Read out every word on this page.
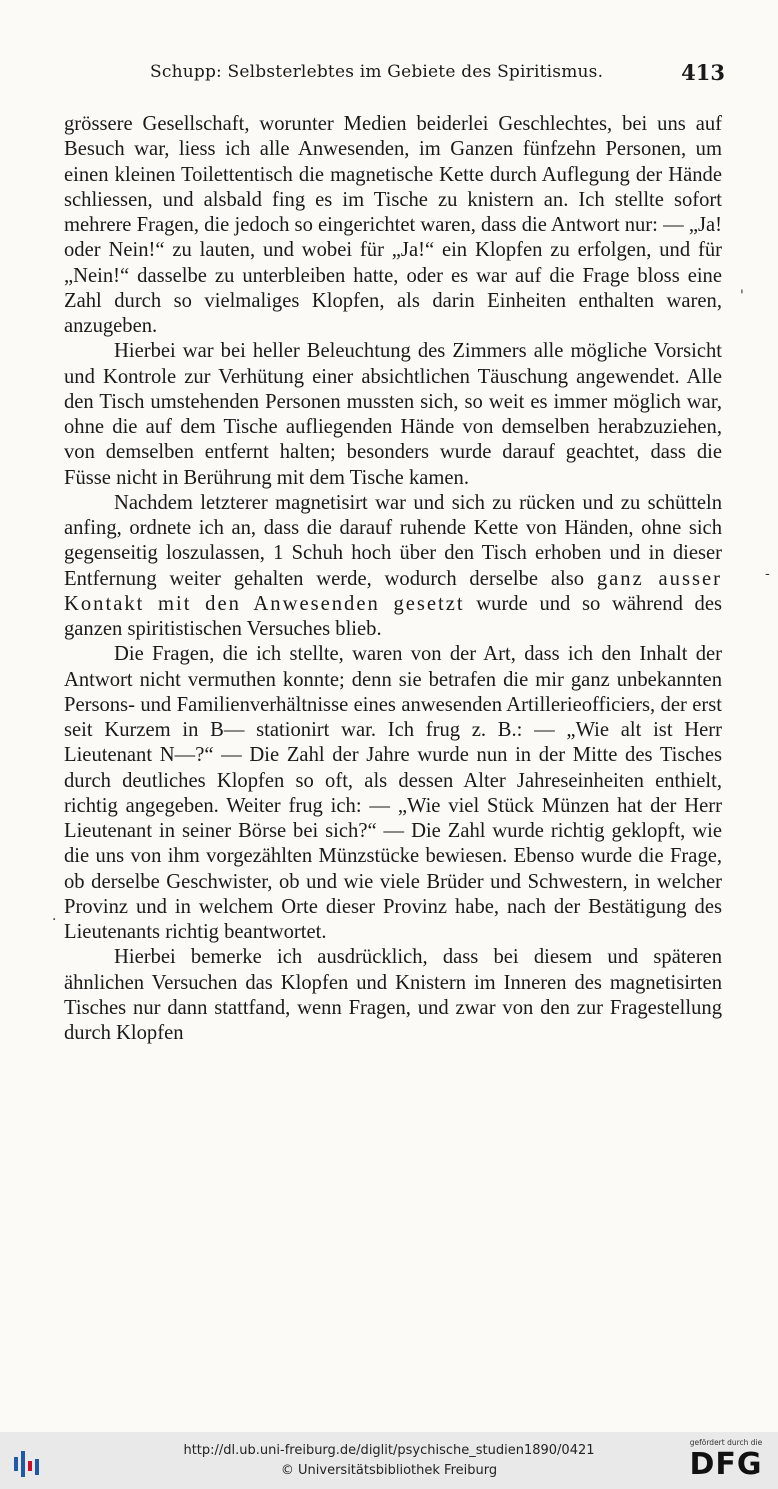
Schupp: Selbsterlebtes im Gebiete des Spiritismus.	413

grössere Gesellschaft, worunter Medien beiderlei Geschlechtes, bei uns auf Besuch war, liess ich alle Anwesenden, im Ganzen fünfzehn Personen, um einen kleinen Toilettentisch die magnetische Kette durch Auflegung der Hände schliessen, und alsbald fing es im Tische zu knistern an. Ich stellte sofort mehrere Fragen, die jedoch so eingerichtet waren, dass die Antwort nur: — „Ja! oder Nein!“ zu lauten, und wobei für „Ja!“ ein Klopfen zu erfolgen, und für „Nein!“ dasselbe zu unterbleiben hatte, oder es war auf die Frage bloss eine Zahl durch so vielmaliges Klopfen, als darin Einheiten enthalten waren, anzugeben.

Hierbei war bei heller Beleuchtung des Zimmers alle mögliche Vorsicht und Kontrole zur Verhütung einer absichtlichen Täuschung angewendet. Alle den Tisch umstehenden Personen mussten sich, so weit es immer möglich war, ohne die auf dem Tische aufliegenden Hände von demselben herabzuziehen, von demselben entfernt halten; besonders wurde darauf geachtet, dass die Füsse nicht in Berührung mit dem Tische kamen.

Nachdem letzterer magnetisirt war und sich zu rücken und zu schütteln anfing, ordnete ich an, dass die darauf ruhende Kette von Händen, ohne sich gegenseitig loszulassen, 1 Schuh hoch über den Tisch erhoben und in dieser Entfernung weiter gehalten werde, wodurch derselbe also ganz ausser Kontakt mit den Anwesenden gesetzt wurde und so während des ganzen spiritistischen Versuches blieb.

Die Fragen, die ich stellte, waren von der Art, dass ich den Inhalt der Antwort nicht vermuthen konnte; denn sie betrafen die mir ganz unbekannten Persons- und Familienverhältnisse eines anwesenden Artillerieofficiers, der erst seit Kurzem in B— stationirt war. Ich frug z. B.: — „Wie alt ist Herr Lieutenant N—?“ — Die Zahl der Jahre wurde nun in der Mitte des Tisches durch deutliches Klopfen so oft, als dessen Alter Jahreseinheiten enthielt, richtig angegeben. Weiter frug ich: — „Wie viel Stück Münzen hat der Herr Lieutenant in seiner Börse bei sich?“ — Die Zahl wurde richtig geklopft, wie die uns von ihm vorgezählten Münzstücke bewiesen. Ebenso wurde die Frage, ob derselbe Geschwister, ob und wie viele Brüder und Schwestern, in welcher Provinz und in welchem Orte dieser Provinz habe, nach der Bestätigung des Lieutenants richtig beantwortet.

Hierbei bemerke ich ausdrücklich, dass bei diesem und späteren ähnlichen Versuchen das Klopfen und Knistern im Inneren des magnetisirten Tisches nur dann stattfand, wenn Fragen, und zwar von den zur Fragestellung durch Klopfen

'
-
·
http://dl.ub.uni-freiburg.de/diglit/psychische_studien1890/0421
© Universitätsbibliothek Freiburg
gefördert durch die
DFG
